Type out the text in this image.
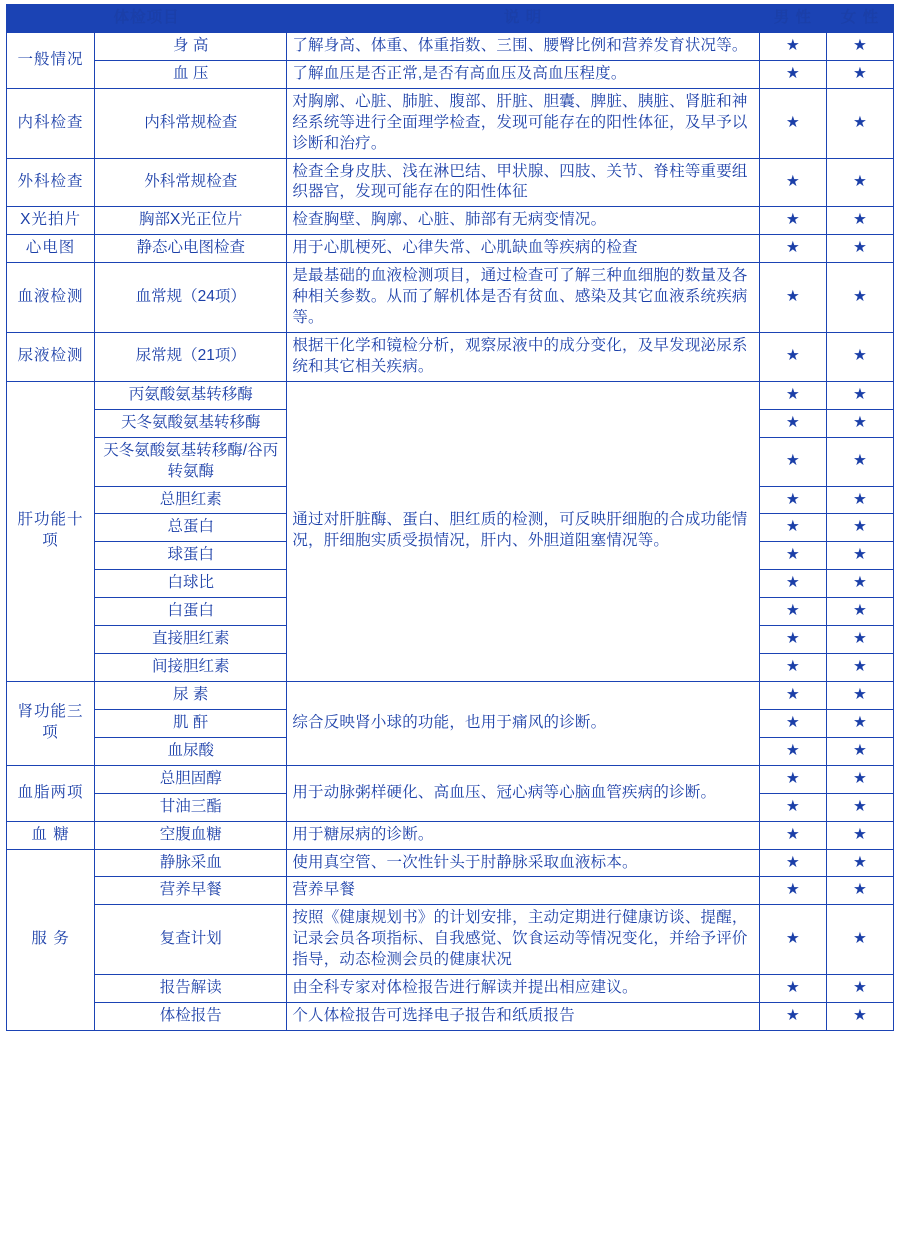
体检项目		说 明	男 性	女 性
一般情况	身 高	了解身高、体重、体重指数、三围、腰臀比例和营养发育状况等。	★	★
	血 压	了解血压是否正常,是否有高血压及高血压程度。	★	★
内科检查	内科常规检查	对胸廓、心脏、肺脏、腹部、肝脏、胆囊、脾脏、胰脏、肾脏和神经系统等进行全面理学检查，发现可能存在的阳性体征，及早予以诊断和治疗。	★	★
外科检查	外科常规检查	检查全身皮肤、浅在淋巴结、甲状腺、四肢、关节、脊柱等重要组织器官，发现可能存在的阳性体征	★	★
X光拍片	胸部X光正位片	检查胸壁、胸廓、心脏、肺部有无病变情况。	★	★
心电图	静态心电图检查	用于心肌梗死、心律失常、心肌缺血等疾病的检查	★	★
血液检测	血常规（24项）	是最基础的血液检测项目，通过检查可了解三种血细胞的数量及各种相关参数。从而了解机体是否有贫血、感染及其它血液系统疾病等。	★	★
尿液检测	尿常规（21项）	根据干化学和镜检分析，观察尿液中的成分变化，及早发现泌尿系统和其它相关疾病。	★	★
肝功能十项	丙氨酸氨基转移酶	通过对肝脏酶、蛋白、胆红质的检测，可反映肝细胞的合成功能情况，肝细胞实质受损情况，肝内、外胆道阻塞情况等。	★	★
	天冬氨酸氨基转移酶		★	★
	天冬氨酸氨基转移酶/谷丙转氨酶		★	★
	总胆红素		★	★
	总蛋白		★	★
	球蛋白		★	★
	白球比		★	★
	白蛋白		★	★
	直接胆红素		★	★
	间接胆红素		★	★
肾功能三项	尿 素	综合反映肾小球的功能，也用于痛风的诊断。	★	★
	肌 酐		★	★
	血尿酸		★	★
血脂两项	总胆固醇	用于动脉粥样硬化、高血压、冠心病等心脑血管疾病的诊断。	★	★
	甘油三酯		★	★
血 糖	空腹血糖	用于糖尿病的诊断。	★	★
服 务	静脉采血	使用真空管、一次性针头于肘静脉采取血液标本。	★	★
	营养早餐	营养早餐	★	★
	复查计划	按照《健康规划书》的计划安排，主动定期进行健康访谈、提醒，记录会员各项指标、自我感觉、饮食运动等情况变化，并给予评价指导，动态检测会员的健康状况	★	★
	报告解读	由全科专家对体检报告进行解读并提出相应建议。	★	★
	体检报告	个人体检报告可选择电子报告和纸质报告	★	★
